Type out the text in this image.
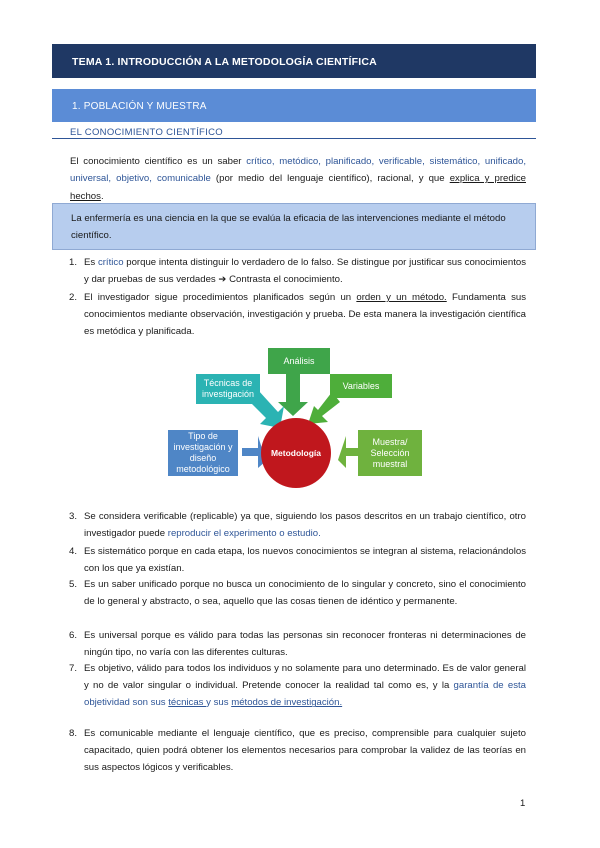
TEMA 1. INTRODUCCIÓN A LA METODOLOGÍA CIENTÍFICA
1. POBLACIÓN Y MUESTRA
EL CONOCIMIENTO CIENTÍFICO
El conocimiento científico es un saber crítico, metódico, planificado, verificable, sistemático, unificado, universal, objetivo, comunicable (por medio del lenguaje científico), racional, y que explica y predice hechos.
La enfermería es una ciencia en la que se evalúa la eficacia de las intervenciones mediante el método científico.
1. Es crítico porque intenta distinguir lo verdadero de lo falso. Se distingue por justificar sus conocimientos y dar pruebas de sus verdades ➔ Contrasta el conocimiento.
2. El investigador sigue procedimientos planificados según un orden y un método. Fundamenta sus conocimientos mediante observación, investigación y prueba. De esta manera la investigación científica es metódica y planificada.
Análisis
Técnicas de investigación
Variables
Tipo de investigación y diseño metodológico
Muestra/ Selección muestral
Metodología
3. Se considera verificable (replicable) ya que, siguiendo los pasos descritos en un trabajo científico, otro investigador puede reproducir el experimento o estudio.
4. Es sistemático porque en cada etapa, los nuevos conocimientos se integran al sistema, relacionándolos con los que ya existían.
5. Es un saber unificado porque no busca un conocimiento de lo singular y concreto, sino el conocimiento de lo general y abstracto, o sea, aquello que las cosas tienen de idéntico y permanente.
6. Es universal porque es válido para todas las personas sin reconocer fronteras ni determinaciones de ningún tipo, no varía con las diferentes culturas.
7. Es objetivo, válido para todos los individuos y no solamente para uno determinado. Es de valor general y no de valor singular o individual. Pretende conocer la realidad tal como es, y la garantía de esta objetividad son sus técnicas y sus métodos de investigación.
8. Es comunicable mediante el lenguaje científico, que es preciso, comprensible para cualquier sujeto capacitado, quien podrá obtener los elementos necesarios para comprobar la validez de las teorías en sus aspectos lógicos y verificables.
1
